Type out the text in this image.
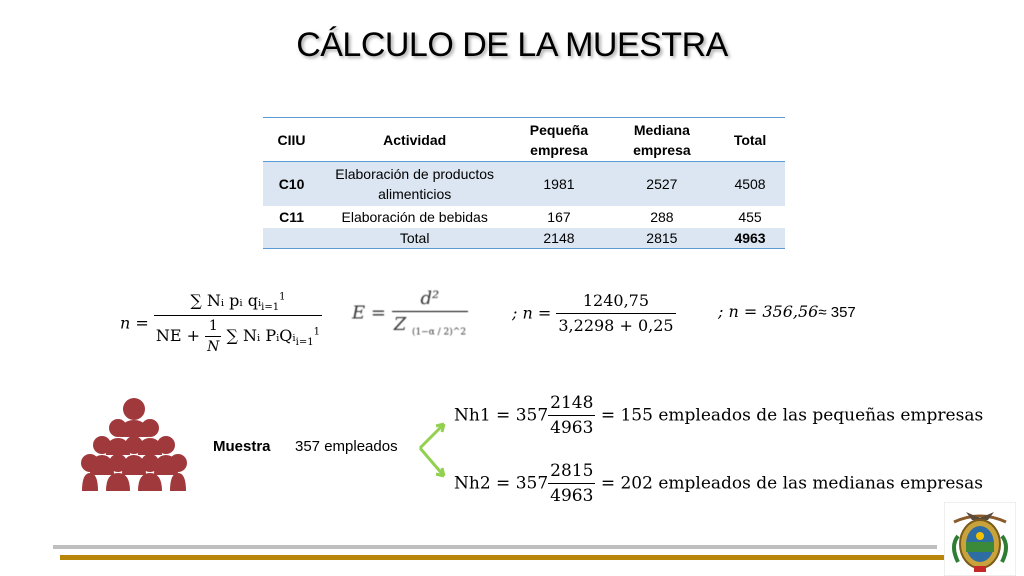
CÁLCULO DE LA MUESTRA
CIIU	Actividad	Pequeña empresa	Mediana empresa	Total
C10	Elaboración de productos alimenticios	1981	2527	4508
C11	Elaboración de bebidas	167	288	455
	Total	2148	2815	4963
$n = \frac{\sum Nᵢ pᵢ qᵢ_{i=1}^1}{NE + \frac{1}{N} \sum Nᵢ PᵢQᵢ_{i=1}^1}$ $E = \frac{\text{d²}}{Z _{(1-\alpha / 2)\^{}2}}$	; $n = \frac{1240,75}{3,2298 + 0,25}$	; n = 356,56≈ 357
Muestra 357 empleados
$Nh1 = 357 \frac{2148}{4963} = 155$ empleados de las pequeñas empresas
$Nh2 = 357 \frac{2815}{4963} = 202$ empleados de las medianas empresas
